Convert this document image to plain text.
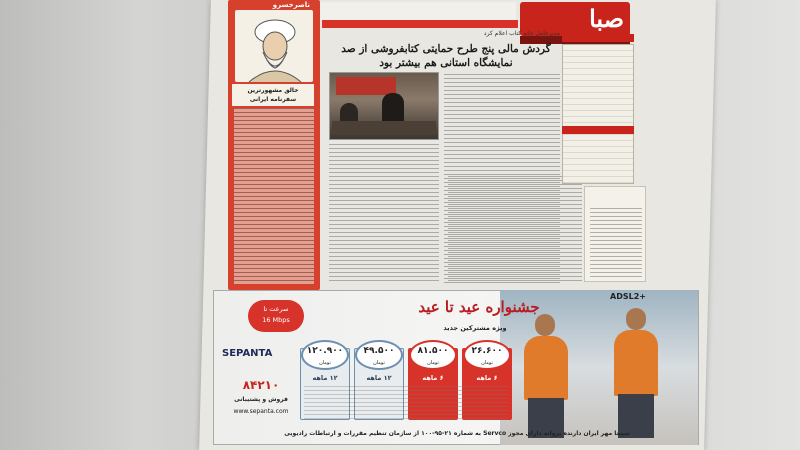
صبا
ناصرخسرو
خالق مشهورترین سفرنامه ایرانی
مدیرعامل خانه کتاب اعلام کرد
گردش مالی پنج طرح حمایتی کتابفروشی از صد نمایشگاه استانی هم بیشتر بود
ADSL2+
جشنواره عید تا عید
ویژه مشترکین جدید
سرعت تا
16 Mbps
SEPANTA
۸۴۲۱۰
فروش و پشتیبانی
www.sepanta.com
۲۶.۶۰۰
تومان
۶ ماهه
۸۱.۵۰۰
تومان
۶ ماهه
۴۹.۵۰۰
تومان
۱۲ ماهه
۱۲۰.۹۰۰
تومان
۱۲ ماهه
سپنتا مهر ایران دارنده پروانه دارای مجوز Servco به شماره ۲۱-۹۵-۱۰۰ از سازمان تنظیم مقررات و ارتباطات رادیویی
